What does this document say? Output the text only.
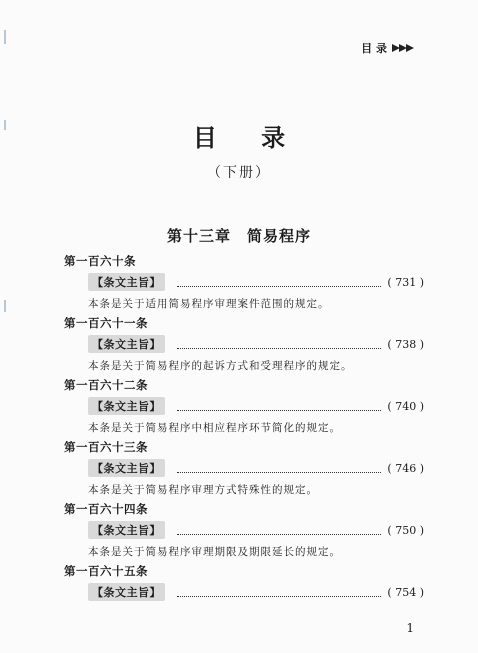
目 录
目 录
（下册）
第十三章 简易程序
第一百六十条
【条文主旨】	( 731 )
本条是关于适用简易程序审理案件范围的规定。
第一百六十一条
【条文主旨】	( 738 )
本条是关于简易程序的起诉方式和受理程序的规定。
第一百六十二条
【条文主旨】	( 740 )
本条是关于简易程序中相应程序环节简化的规定。
第一百六十三条
【条文主旨】	( 746 )
本条是关于简易程序审理方式特殊性的规定。
第一百六十四条
【条文主旨】	( 750 )
本条是关于简易程序审理期限及期限延长的规定。
第一百六十五条
【条文主旨】	( 754 )
1
